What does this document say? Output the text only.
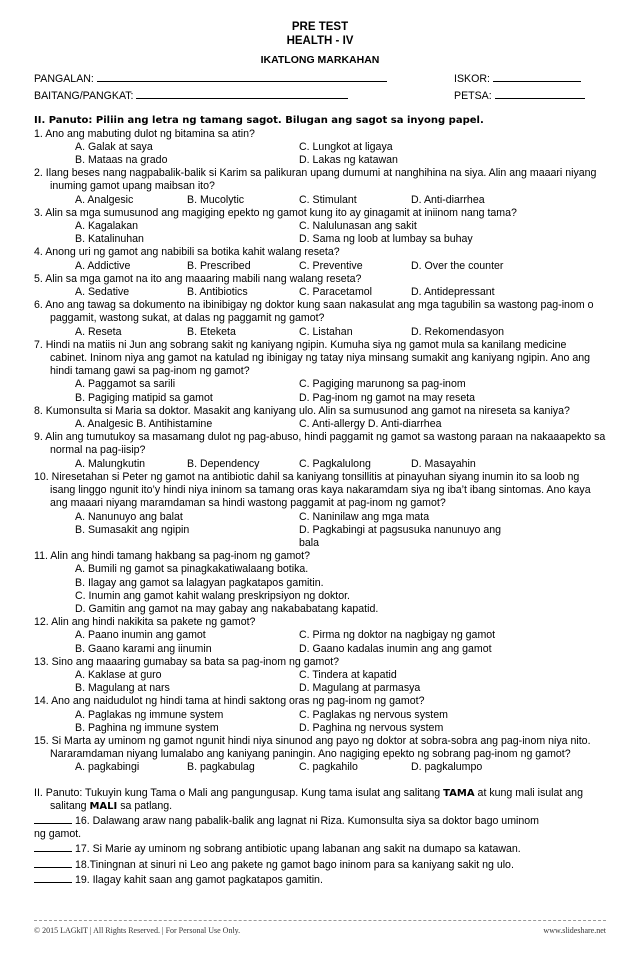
PRE TEST
HEALTH - IV
IKATLONG MARKAHAN
PANGALAN:	ISKOR:
BAITANG/PANGKAT:	PETSA:
II. Panuto: Piliin ang letra ng tamang sagot. Bilugan ang sagot sa inyong papel.
1. Ano ang mabuting dulot ng bitamina sa atin?
A. Galak at saya	C. Lungkot at ligaya
B. Mataas na grado	D. Lakas ng katawan
2. Ilang beses nang nagpabalik-balik si Karim sa palikuran upang dumumi at nanghihina na siya. Alin ang maaari niyang inuming gamot upang maibsan ito?
A. Analgesic	B. Mucolytic	C. Stimulant	D. Anti-diarrhea
3. Alin sa mga sumusunod ang magiging epekto ng gamot kung ito ay ginagamit at iniinom nang tama?
A. Kagalakan	C. Nalulunasan ang sakit
B. Katalinuhan	D. Sama ng loob at lumbay sa buhay
4. Anong uri ng gamot ang nabibili sa botika kahit walang reseta?
A. Addictive	B. Prescribed	C. Preventive	D. Over the counter
5. Alin sa mga gamot na ito ang maaaring mabili nang walang reseta?
A. Sedative	B. Antibiotics	C. Paracetamol	D. Antidepressant
6. Ano ang tawag sa dokumento na ibinibigay ng doktor kung saan nakasulat ang mga tagubilin sa wastong pag-inom o paggamit, wastong sukat, at dalas ng paggamit ng gamot?
A. Reseta	B. Eteketa	C. Listahan	D. Rekomendasyon
7. Hindi na matiis ni Jun ang sobrang sakit ng kaniyang ngipin. Kumuha siya ng gamot mula sa kanilang medicine cabinet. Ininom niya ang gamot na katulad ng ibinigay ng tatay niya minsang sumakit ang kaniyang ngipin. Ano ang hindi tamang gawi sa pag-inom ng gamot?
A. Paggamot sa sarili	C. Pagiging marunong sa pag-inom
B. Pagiging matipid sa gamot	D. Pag-inom ng gamot na may reseta
8. Kumonsulta si Maria sa doktor. Masakit ang kaniyang ulo. Alin sa sumusunod ang gamot na nireseta sa kaniya?
A. Analgesic B. Antihistamine	C. Anti-allergy D. Anti-diarrhea
9. Alin ang tumutukoy sa masamang dulot ng pag-abuso, hindi paggamit ng gamot sa wastong paraan na nakaaapekto sa normal na pag-iisip?
A. Malungkutin	B. Dependency	C. Pagkalulong	D. Masayahin
10. Niresetahan si Peter ng gamot na antibiotic dahil sa kaniyang tonsillitis at pinayuhan siyang inumin ito sa loob ng isang linggo ngunit ito’y hindi niya ininom sa tamang oras kaya nakaramdam siya ng iba’t ibang sintomas. Ano kaya ang maaari niyang maramdaman sa hindi wastong paggamit at pag-inom ng gamot?
A. Nanunuyo ang balat	C. Naninilaw ang mga mata
B. Sumasakit ang ngipin	D. Pagkabingi at pagsusuka nanunuyo ang bala
11. Alin ang hindi tamang hakbang sa pag-inom ng gamot?
A. Bumili ng gamot sa pinagkakatiwalaang botika.
B. Ilagay ang gamot sa lalagyan pagkatapos gamitin.
C. Inumin ang gamot kahit walang preskripsiyon ng doktor.
D. Gamitin ang gamot na may gabay ang nakababatang kapatid.
12. Alin ang hindi nakikita sa pakete ng gamot?
A. Paano inumin ang gamot	C. Pirma ng doktor na nagbigay ng gamot
B. Gaano karami ang iinumin	D. Gaano kadalas inumin ang ang gamot
13. Sino ang maaaring gumabay sa bata sa pag-inom ng gamot?
A. Kaklase at guro	C. Tindera at kapatid
B. Magulang at nars	D. Magulang at parmasya
14. Ano ang naidudulot ng hindi tama at hindi saktong oras ng pag-inom ng gamot?
A. Paglakas ng immune system	C. Paglakas ng nervous system
B. Paghina ng immune system	D. Paghina ng nervous system
15. Si Marta ay uminom ng gamot ngunit hindi niya sinunod ang payo ng doktor at sobra-sobra ang pag-inom niya nito. Nararamdaman niyang lumalabo ang kaniyang paningin. Ano nagiging epekto ng sobrang pag-inom ng gamot?
A. pagkabingi	B. pagkabulag	C. pagkahilo	D. pagkalumpo
II. Panuto: Tukuyin kung Tama o Mali ang pangungusap. Kung tama isulat ang salitang TAMA at kung mali isulat ang salitang MALI sa patlang.
16. Dalawang araw nang pabalik-balik ang lagnat ni Riza. Kumonsulta siya sa doktor bago uminom
ng gamot.
17. Si Marie ay uminom ng sobrang antibiotic upang labanan ang sakit na dumapo sa katawan.
18.Tiningnan at sinuri ni Leo ang pakete ng gamot bago ininom para sa kaniyang sakit ng ulo.
19. Ilagay kahit saan ang gamot pagkatapos gamitin.
© 2015 LAGkIT | All Rights Reserved. | For Personal Use Only.	www.slideshare.net
